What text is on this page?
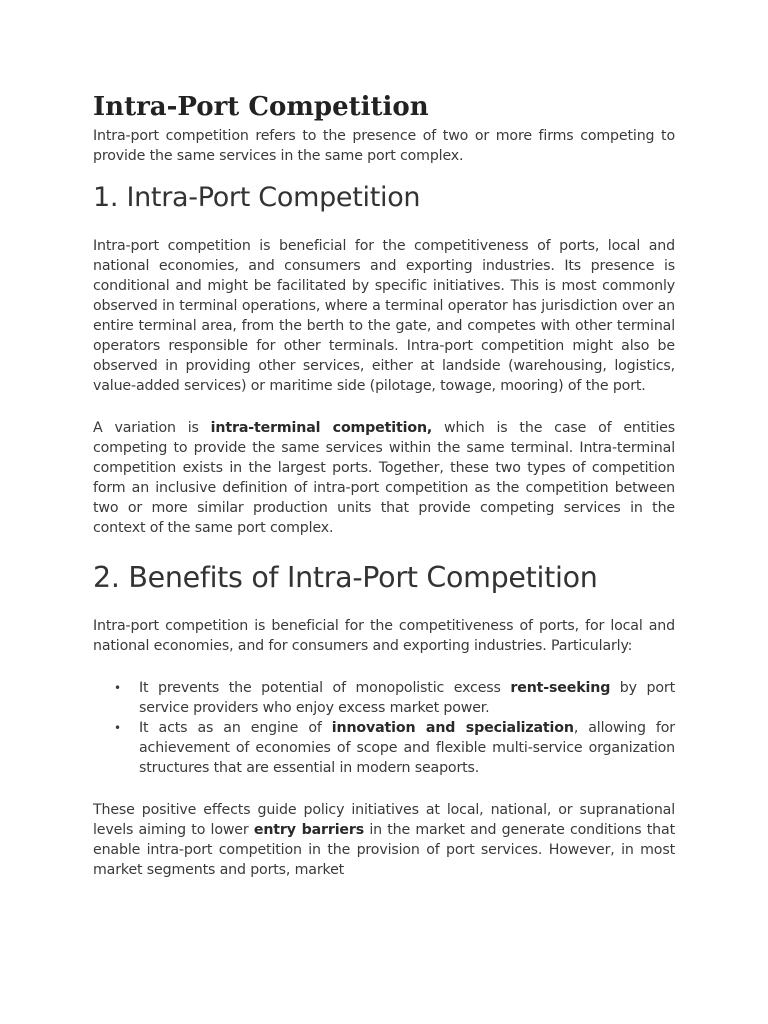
Intra-Port Competition

Intra-port competition refers to the presence of two or more firms competing to provide the same services in the same port complex.

1. Intra-Port Competition

Intra-port competition is beneficial for the competitiveness of ports, local and national economies, and consumers and exporting industries. Its presence is conditional and might be facilitated by specific initiatives. This is most commonly observed in terminal operations, where a terminal operator has jurisdiction over an entire terminal area, from the berth to the gate, and competes with other terminal operators responsible for other terminals. Intra-port competition might also be observed in providing other services, either at landside (warehousing, logistics, value-added services) or maritime side (pilotage, towage, mooring) of the port.

A variation is intra-terminal competition, which is the case of entities competing to provide the same services within the same terminal. Intra-terminal competition exists in the largest ports. Together, these two types of competition form an inclusive definition of intra-port competition as the competition between two or more similar production units that provide competing services in the context of the same port complex.

2. Benefits of Intra-Port Competition

Intra-port competition is beneficial for the competitiveness of ports, for local and national economies, and for consumers and exporting industries. Particularly:

• It prevents the potential of monopolistic excess rent-seeking by port service providers who enjoy excess market power.
• It acts as an engine of innovation and specialization, allowing for achievement of economies of scope and flexible multi-service organization structures that are essential in modern seaports.

These positive effects guide policy initiatives at local, national, or supranational levels aiming to lower entry barriers in the market and generate conditions that enable intra-port competition in the provision of port services. However, in most market segments and ports, market
